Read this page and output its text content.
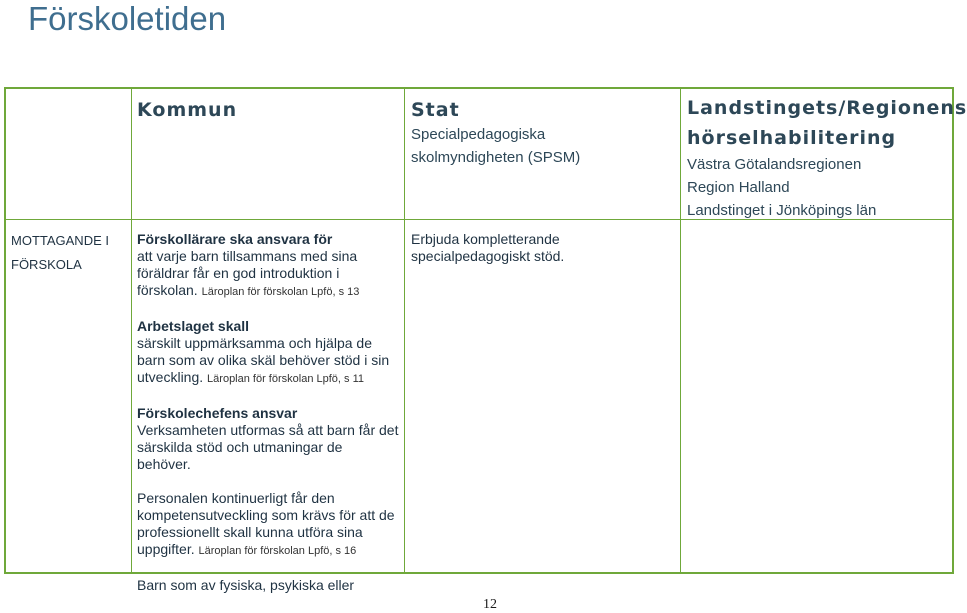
Förskoletiden
Kommun	Stat
Specialpedagogiska
skolmyndigheten (SPSM)
Landstingets/Regionens
hörselhabilitering
Västra Götalandsregionen
Region Halland
Landstinget i Jönköpings län
MOTTAGANDE I
FÖRSKOLA
Förskollärare ska ansvara för
att varje barn tillsammans med sina föräldrar får en god introduktion i förskolan. Läroplan för förskolan Lpfö, s 13
Arbetslaget skall
särskilt uppmärksamma och hjälpa de barn som av olika skäl behöver stöd i sin utveckling. Läroplan för förskolan Lpfö, s 11
Förskolechefens ansvar
Verksamheten utformas så att barn får det särskilda stöd och utmaningar de behöver.
Personalen kontinuerligt får den kompetensutveckling som krävs för att de professionellt skall kunna utföra sina uppgifter. Läroplan för förskolan Lpfö, s 16
Barn som av fysiska, psykiska eller
Erbjuda kompletterande specialpedagogiskt stöd.
12
